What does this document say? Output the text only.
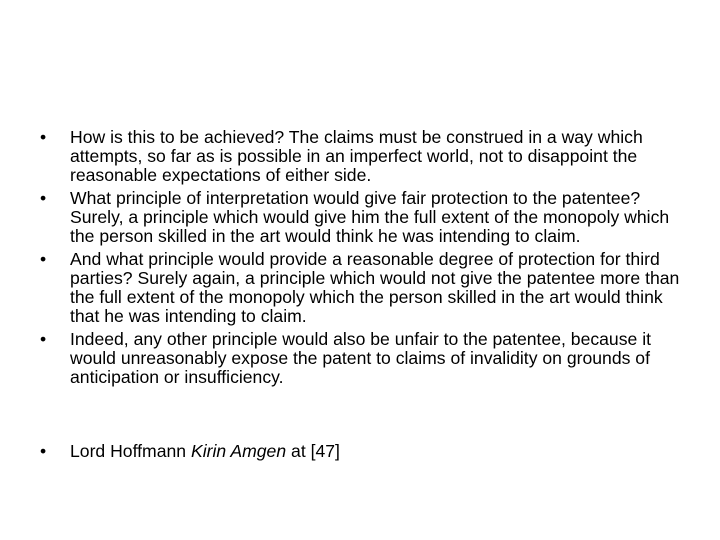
•	How is this to be achieved? The claims must be construed in a way which attempts, so far as is possible in an imperfect world, not to disappoint the reasonable expectations of either side.
•	What principle of interpretation would give fair protection to the patentee? Surely, a principle which would give him the full extent of the monopoly which the person skilled in the art would think he was intending to claim.
•	And what principle would provide a reasonable degree of protection for third parties? Surely again, a principle which would not give the patentee more than the full extent of the monopoly which the person skilled in the art would think that he was intending to claim.
•	Indeed, any other principle would also be unfair to the patentee, because it would unreasonably expose the patent to claims of invalidity on grounds of anticipation or insufficiency.
• Lord Hoffmann Kirin Amgen at [47]
